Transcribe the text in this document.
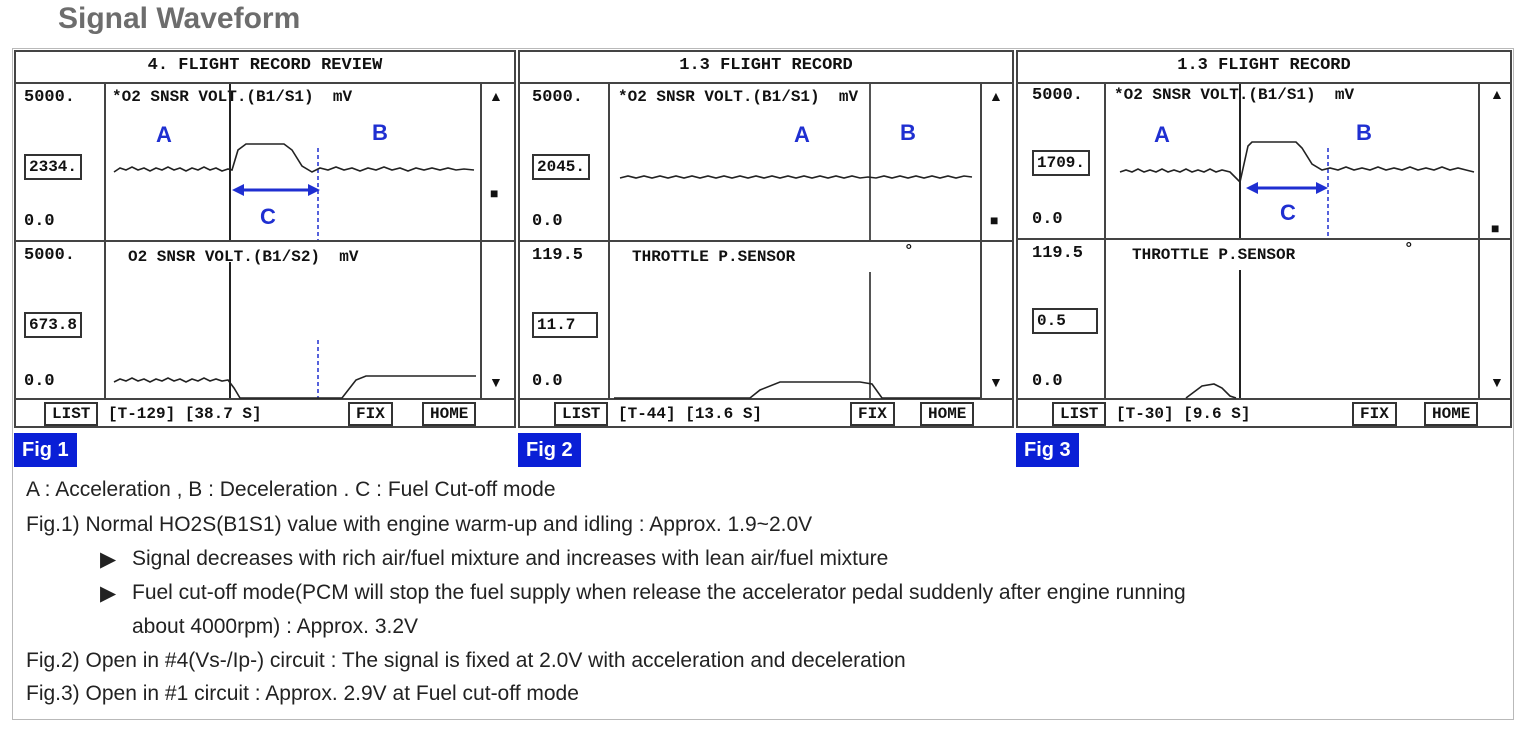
Signal Waveform
4. FLIGHT RECORD REVIEW
5000.
2334.
0.0
*O2 SNSR VOLT.(B1/S1)  mV
5000.
673.8
0.0
O2 SNSR VOLT.(B1/S2)  mV
▲
■
▼
A	B
C
LIST	[T-129] [38.7 S]	FIX	HOME
1.3 FLIGHT RECORD
5000.
2045.
0.0
*O2 SNSR VOLT.(B1/S1)  mV
119.5
11.7
0.0
THROTTLE P.SENSOR	°
▲
■
▼
A	B
LIST	[T-44] [13.6 S]	FIX	HOME
1.3 FLIGHT RECORD
5000.
1709.
0.0
*O2 SNSR VOLT.(B1/S1)  mV
119.5
0.5
0.0
THROTTLE P.SENSOR	°
▲
■
▼
A	B
C
LIST	[T-30] [9.6 S]	FIX	HOME
Fig 1	Fig 2	Fig 3
A : Acceleration , B : Deceleration . C : Fuel Cut-off mode
Fig.1) Normal HO2S(B1S1) value with engine warm-up and idling : Approx. 1.9~2.0V
▶ Signal decreases with rich air/fuel mixture and increases with lean air/fuel mixture
▶ Fuel cut-off mode(PCM will stop the fuel supply when release the accelerator pedal suddenly after engine running
about 4000rpm) : Approx. 3.2V
Fig.2) Open in #4(Vs-/Ip-) circuit : The signal is fixed at 2.0V with acceleration and deceleration
Fig.3) Open in #1 circuit : Approx. 2.9V at Fuel cut-off mode
